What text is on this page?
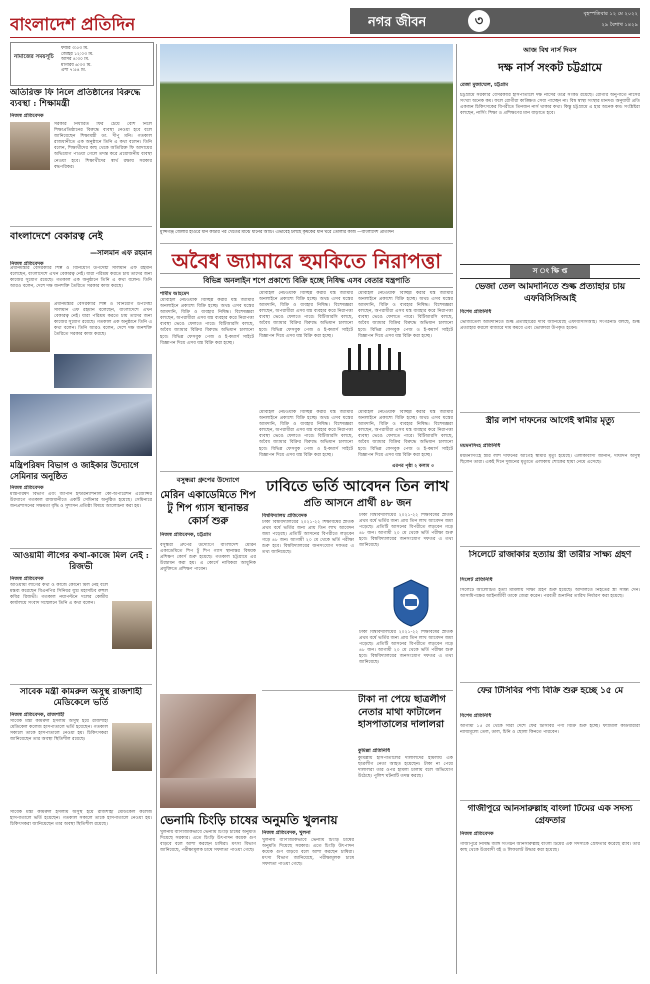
বাংলাদেশ প্রতিদিন	নগর জীবন	৩	বৃহস্পতিবার ১২ মে ২০২২
২৯ বৈশাখ ১৪২৯
নামাজের সময়সূচি
ফজর ৩:৫৩ মি.
জোহর ১২:০৩ মি.
আসর ৪:৩০ মি.
মাগরিব ৬:৩৩ মি.
এশা ৭:৫৪ মি.
অতিরিক্ত ফি নিলে প্রতিষ্ঠানের বিরুদ্ধে ব্যবস্থা : শিক্ষামন্ত্রী
নিজস্ব প্রতিবেদক
সরকার নির্ধারিত ফির চেয়ে বেশি নিলে শিক্ষাপ্রতিষ্ঠানের বিরুদ্ধে ব্যবস্থা নেওয়া হবে বলে জানিয়েছেন শিক্ষামন্ত্রী ডা. দীপু মনি। গতকাল রাজধানীতে এক অনুষ্ঠানে তিনি এ কথা বলেন। তিনি বলেন, শিক্ষার্থীদের কাছ থেকে অতিরিক্ত ফি আদায়ের অভিযোগ পাওয়া গেলে তদন্ত করে প্রয়োজনীয় ব্যবস্থা নেওয়া হবে। শিক্ষার্থীদের স্বার্থ রক্ষায় সরকার বদ্ধপরিকর।
বাংলাদেশে বেকারত্ব নেই
—সালমান এফ রহমান
নিজস্ব প্রতিবেদক
প্রধানমন্ত্রীর বেসরকারি শিল্প ও বিনিয়োগ উপদেষ্টা সালমান এফ রহমান বলেছেন, বাংলাদেশে এখন বেকারত্ব নেই। যারা পরিশ্রম করতে চায় তাদের জন্য কাজের সুযোগ রয়েছে। গতকাল এক অনুষ্ঠানে তিনি এ কথা বলেন। তিনি আরও বলেন, দেশে দক্ষ জনশক্তি তৈরিতে সরকার কাজ করছে।
প্রধানমন্ত্রীর বেসরকারি শিল্প ও বিনিয়োগ উপদেষ্টা সালমান এফ রহমান বলেছেন, বাংলাদেশে এখন বেকারত্ব নেই। যারা পরিশ্রম করতে চায় তাদের জন্য কাজের সুযোগ রয়েছে। গতকাল এক অনুষ্ঠানে তিনি এ কথা বলেন। তিনি আরও বলেন, দেশে দক্ষ জনশক্তি তৈরিতে সরকার কাজ করছে।
মন্ত্রিপরিষদ বিভাগ ও জাইকার উদ্যোগে সেমিনার অনুষ্ঠিত
নিজস্ব প্রতিবেদক
মন্ত্রিপরিষদ বিভাগ এবং জাপান ইন্টারন্যাশনাল কো-অপারেশন এজেন্সির উদ্যোগে গতকাল রাজধানীতে একটি সেমিনার অনুষ্ঠিত হয়েছে। সেমিনারে জনপ্রশাসনের সক্ষমতা বৃদ্ধি ও সুশাসন প্রতিষ্ঠা বিষয়ে আলোচনা করা হয়।
আওয়ামী লীগের কথা-কাজে মিল নেই : রিজভী
নিজস্ব প্রতিবেদক
আওয়ামী লীগের কথা ও কাজে কোনো মিল নেই বলে মন্তব্য করেছেন বিএনপির সিনিয়র যুগ্ম মহাসচিব রুহুল কবির রিজভী। গতকাল নয়াপল্টনে দলের কেন্দ্রীয় কার্যালয়ে সংবাদ সম্মেলনে তিনি এ কথা বলেন।
সাবেক মন্ত্রী কামরুল অসুস্থ রাজশাহী মেডিকেলে ভর্তি
নিজস্ব প্রতিবেদক, রাজশাহী
সাবেক মন্ত্রী কামরুল ইসলাম অসুস্থ হয়ে রাজশাহী মেডিকেল কলেজ হাসপাতালে ভর্তি হয়েছেন। গতকাল সকালে তাকে হাসপাতালে নেওয়া হয়। চিকিৎসকরা জানিয়েছেন তার অবস্থা স্থিতিশীল রয়েছে।
সাবেক মন্ত্রী কামরুল ইসলাম অসুস্থ হয়ে রাজশাহী মেডিকেল কলেজ হাসপাতালে ভর্তি হয়েছেন। গতকাল সকালে তাকে হাসপাতালে নেওয়া হয়। চিকিৎসকরা জানিয়েছেন তার অবস্থা স্থিতিশীল রয়েছে।
মুন্সিগঞ্জ জেলার হাওরে ধান কাটার পর খেতের মাঝে ধানের আঁটি। এভাবেই চলছে কৃষকের ধান ঘরে তোলার কাজ —বাংলাদেশ প্রতিদিন
অবৈধ জ্যামারে হুমকিতে নিরাপত্তা
বিভিন্ন অনলাইন শপে প্রকাশ্যে বিক্রি হচ্ছে নিষিদ্ধ এসব বেতার যন্ত্রপাতি
শামীম আহমেদ
মোবাইল নেটওয়ার্ক বিচ্ছিন্ন করার যন্ত্র জ্যামার অনলাইনে প্রকাশ্যে বিক্রি হচ্ছে। অথচ এসব যন্ত্রের আমদানি, বিক্রি ও ব্যবহার নিষিদ্ধ। বিশেষজ্ঞরা বলছেন, অপরাধীরা এসব যন্ত্র ব্যবহার করে নিরাপত্তা ব্যবস্থা ভেঙে ফেলতে পারে। বিটিআরসি বলছে, অবৈধ জ্যামার বিক্রির বিরুদ্ধে অভিযান চালানো হবে। বিভিন্ন ফেসবুক পেজ ও ই-কমার্স সাইটে বিজ্ঞাপন দিয়ে এসব যন্ত্র বিক্রি করা হচ্ছে।
মোবাইল নেটওয়ার্ক বিচ্ছিন্ন করার যন্ত্র জ্যামার অনলাইনে প্রকাশ্যে বিক্রি হচ্ছে। অথচ এসব যন্ত্রের আমদানি, বিক্রি ও ব্যবহার নিষিদ্ধ। বিশেষজ্ঞরা বলছেন, অপরাধীরা এসব যন্ত্র ব্যবহার করে নিরাপত্তা ব্যবস্থা ভেঙে ফেলতে পারে। বিটিআরসি বলছে, অবৈধ জ্যামার বিক্রির বিরুদ্ধে অভিযান চালানো হবে। বিভিন্ন ফেসবুক পেজ ও ই-কমার্স সাইটে বিজ্ঞাপন দিয়ে এসব যন্ত্র বিক্রি করা হচ্ছে।
মোবাইল নেটওয়ার্ক বিচ্ছিন্ন করার যন্ত্র জ্যামার অনলাইনে প্রকাশ্যে বিক্রি হচ্ছে। অথচ এসব যন্ত্রের আমদানি, বিক্রি ও ব্যবহার নিষিদ্ধ। বিশেষজ্ঞরা বলছেন, অপরাধীরা এসব যন্ত্র ব্যবহার করে নিরাপত্তা ব্যবস্থা ভেঙে ফেলতে পারে। বিটিআরসি বলছে, অবৈধ জ্যামার বিক্রির বিরুদ্ধে অভিযান চালানো হবে। বিভিন্ন ফেসবুক পেজ ও ই-কমার্স সাইটে বিজ্ঞাপন দিয়ে এসব যন্ত্র বিক্রি করা হচ্ছে।
মোবাইল নেটওয়ার্ক বিচ্ছিন্ন করার যন্ত্র জ্যামার অনলাইনে প্রকাশ্যে বিক্রি হচ্ছে। অথচ এসব যন্ত্রের আমদানি, বিক্রি ও ব্যবহার নিষিদ্ধ। বিশেষজ্ঞরা বলছেন, অপরাধীরা এসব যন্ত্র ব্যবহার করে নিরাপত্তা ব্যবস্থা ভেঙে ফেলতে পারে। বিটিআরসি বলছে, অবৈধ জ্যামার বিক্রির বিরুদ্ধে অভিযান চালানো হবে। বিভিন্ন ফেসবুক পেজ ও ই-কমার্স সাইটে বিজ্ঞাপন দিয়ে এসব যন্ত্র বিক্রি করা হচ্ছে।
মোবাইল নেটওয়ার্ক বিচ্ছিন্ন করার যন্ত্র জ্যামার অনলাইনে প্রকাশ্যে বিক্রি হচ্ছে। অথচ এসব যন্ত্রের আমদানি, বিক্রি ও ব্যবহার নিষিদ্ধ। বিশেষজ্ঞরা বলছেন, অপরাধীরা এসব যন্ত্র ব্যবহার করে নিরাপত্তা ব্যবস্থা ভেঙে ফেলতে পারে। বিটিআরসি বলছে, অবৈধ জ্যামার বিক্রির বিরুদ্ধে অভিযান চালানো হবে। বিভিন্ন ফেসবুক পেজ ও ই-কমার্স সাইটে বিজ্ঞাপন দিয়ে এসব যন্ত্র বিক্রি করা হচ্ছে।
এরপর পৃষ্ঠা ২ কলাম ৩
বসুন্ধরা গ্রুপের উদ্যোগে
মেরিন একাডেমিতে শিপ টু শিপ গ্যাস স্থানান্তর কোর্স শুরু
নিজস্ব প্রতিবেদক, চট্টগ্রাম
বসুন্ধরা গ্রুপের উদ্যোগে বাংলাদেশ মেরিন একাডেমিতে শিপ টু শিপ গ্যাস স্থানান্তর বিষয়ক প্রশিক্ষণ কোর্স শুরু হয়েছে। গতকাল চট্টগ্রামে এর উদ্বোধন করা হয়। এ কোর্সে নাবিকরা আধুনিক প্রযুক্তিতে প্রশিক্ষণ পাবেন।
ঢাবিতে ভর্তি আবেদন তিন লাখ
প্রতি আসনে প্রার্থী ৪৮ জন
বিশ্ববিদ্যালয় প্রতিবেদক
ঢাকা বিশ্ববিদ্যালয়ের ২০২১-২২ শিক্ষাবর্ষের স্নাতক প্রথম বর্ষে ভর্তির জন্য প্রায় তিন লাখ আবেদন জমা পড়েছে। প্রতিটি আসনের বিপরীতে লড়বেন গড়ে ৪৮ জন। আগামী ২০ মে থেকে ভর্তি পরীক্ষা শুরু হবে। বিশ্ববিদ্যালয়ের জনসংযোগ দফতর এ তথ্য জানিয়েছে।
ঢাকা বিশ্ববিদ্যালয়ের ২০২১-২২ শিক্ষাবর্ষের স্নাতক প্রথম বর্ষে ভর্তির জন্য প্রায় তিন লাখ আবেদন জমা পড়েছে। প্রতিটি আসনের বিপরীতে লড়বেন গড়ে ৪৮ জন। আগামী ২০ মে থেকে ভর্তি পরীক্ষা শুরু হবে। বিশ্ববিদ্যালয়ের জনসংযোগ দফতর এ তথ্য জানিয়েছে।
ঢাকা বিশ্ববিদ্যালয়ের ২০২১-২২ শিক্ষাবর্ষের স্নাতক প্রথম বর্ষে ভর্তির জন্য প্রায় তিন লাখ আবেদন জমা পড়েছে। প্রতিটি আসনের বিপরীতে লড়বেন গড়ে ৪৮ জন। আগামী ২০ মে থেকে ভর্তি পরীক্ষা শুরু হবে। বিশ্ববিদ্যালয়ের জনসংযোগ দফতর এ তথ্য জানিয়েছে।
ভেনামি চিংড়ি চাষের অনুমতি খুলনায়
নিজস্ব প্রতিবেদক, খুলনা
খুলনায় বাণিজ্যিকভাবে ভেনামি চিংড়ি চাষের অনুমতি দিয়েছে সরকার। এতে চিংড়ি উৎপাদন কয়েক গুণ বাড়বে বলে আশা করছেন চাষিরা। মৎস্য বিভাগ জানিয়েছে, পরীক্ষামূলক চাষে সফলতা পাওয়া গেছে।
খুলনায় বাণিজ্যিকভাবে ভেনামি চিংড়ি চাষের অনুমতি দিয়েছে সরকার। এতে চিংড়ি উৎপাদন কয়েক গুণ বাড়বে বলে আশা করছেন চাষিরা। মৎস্য বিভাগ জানিয়েছে, পরীক্ষামূলক চাষে সফলতা পাওয়া গেছে।
টাকা না পেয়ে ছাত্রলীগ নেতার মাথা ফাটালেন হাসপাতালের দালালরা
কুমিল্লা প্রতিনিধি
কুমিল্লায় হাসপাতালের দালালদের হামলায় এক ছাত্রলীগ নেতা আহত হয়েছেন। টাকা না পেয়ে দালালরা তার ওপর হামলা চালায় বলে অভিযোগ উঠেছে। পুলিশ ঘটনাটি তদন্ত করছে।
আজ বিশ্ব নার্স দিবস
দক্ষ নার্স সংকট চট্টগ্রামে
রেজা মুজাম্মেল, চট্টগ্রাম
চট্টগ্রামে সরকারি বেসরকারি হাসপাতালে দক্ষ নার্সের তীব্র সংকট রয়েছে। রোগীর অনুপাতে নার্সের সংখ্যা অনেক কম। ফলে রোগীরা কাঙ্ক্ষিত সেবা পাচ্ছেন না। বিশ্ব স্বাস্থ্য সংস্থার মানদণ্ড অনুযায়ী প্রতি একজন চিকিৎসকের বিপরীতে তিনজন নার্স থাকার কথা। কিন্তু চট্টগ্রামে এ হার অনেক কম। সংশ্লিষ্টরা বলছেন, নার্সিং শিক্ষা ও প্রশিক্ষণের মান বাড়াতে হবে।
স ং ক্ষি প্ত
ভেজা তেল আমদানিতে শুল্ক প্রত্যাহার চায় এফবিসিসিআই
বিশেষ প্রতিনিধি
ভোজ্যতেল আমদানিতে শুল্ক প্রত্যাহারের দাবি জানিয়েছে এফবিসিসিআই। সংগঠনটি বলছে, শুল্ক প্রত্যাহার করলে বাজারে দাম কমবে এবং ভোক্তারা উপকৃত হবেন।
স্ত্রীর লাশ দাফনের আগেই স্বামীর মৃত্যু
ময়মনসিংহ প্রতিনিধি
ময়মনসিংহে স্ত্রীর লাশ দাফনের আগেই স্বামীর মৃত্যু হয়েছে। এলাকাবাসী জানান, দীর্ঘদিন অসুস্থ ছিলেন তারা। একই দিনে দুজনের মৃত্যুতে এলাকায় শোকের ছায়া নেমে এসেছে।
সিলেটে রাজাকার হত্যায় স্ত্রী তারীর সাক্ষ্য গ্রহণ
সিলেট প্রতিনিধি
সিলেটে আলোচিত হত্যা মামলায় সাক্ষ্য গ্রহণ শুরু হয়েছে। আদালতে নিহতের স্ত্রী সাক্ষ্য দেন। আসামিপক্ষের আইনজীবী তাকে জেরা করেন। পরবর্তী শুনানির তারিখ নির্ধারণ করা হয়েছে।
ফের টিসিবির পণ্য বিক্রি শুরু হচ্ছে ১৫ মে
বিশেষ প্রতিনিধি
আগামী ১৫ মে থেকে সারা দেশে ফের টিসিবির পণ্য বিক্রি শুরু হচ্ছে। ফ্যামিলি কার্ডধারীরা ন্যায্যমূল্যে তেল, ডাল, চিনি ও ছোলা কিনতে পারবেন।
গাজীপুরে আনসারুল্লাহ বাংলা টিমের এক সদস্য গ্রেফতার
নিজস্ব প্রতিবেদক
গাজীপুরে নিষিদ্ধ জঙ্গি সংগঠন আনসারুল্লাহ বাংলা টিমের এক সদস্যকে গ্রেফতার করেছে র‌্যাব। তার কাছ থেকে উগ্রবাদী বই ও লিফলেট উদ্ধার করা হয়েছে।
